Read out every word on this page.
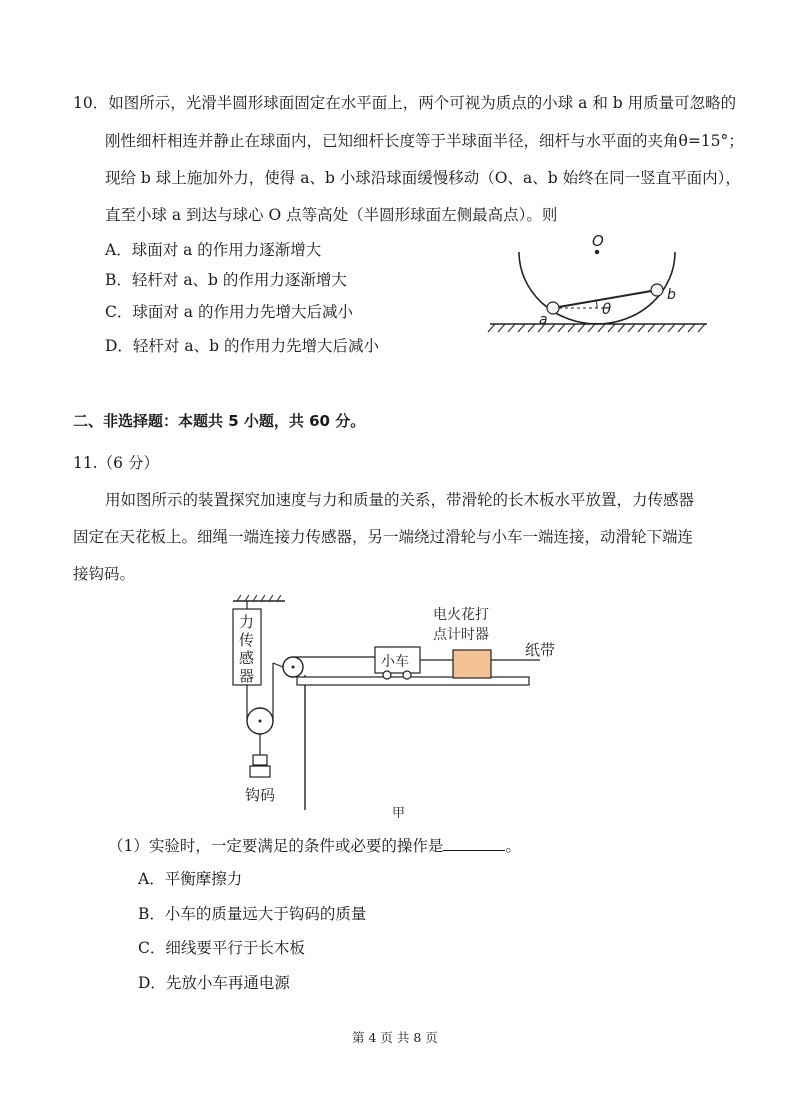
10．如图所示，光滑半圆形球面固定在水平面上，两个可视为质点的小球 a 和 b 用质量可忽略的
刚性细杆相连并静止在球面内，已知细杆长度等于半球面半径，细杆与水平面的夹角θ=15°；
现给 b 球上施加外力，使得 a、b 小球沿球面缓慢移动（O、a、b 始终在同一竖直平面内），
直至小球 a 到达与球心 O 点等高处（半圆形球面左侧最高点）。则
A．球面对 a 的作用力逐渐增大
B．轻杆对 a、b 的作用力逐渐增大
C．球面对 a 的作用力先增大后减小
D．轻杆对 a、b 的作用力先增大后减小
O
a
b
θ
二、非选择题：本题共 5 小题，共 60 分。
11.（6 分）
用如图所示的装置探究加速度与力和质量的关系，带滑轮的长木板水平放置，力传感器
固定在天花板上。细绳一端连接力传感器，另一端绕过滑轮与小车一端连接，动滑轮下端连
接钩码。
力
传
感
器
钩码
小车
电火花打
点计时器
纸带
甲
（1）实验时，一定要满足的条件或必要的操作是	。
A．平衡摩擦力
B．小车的质量远大于钩码的质量
C．细线要平行于长木板
D．先放小车再通电源
第 4 页 共 8 页
